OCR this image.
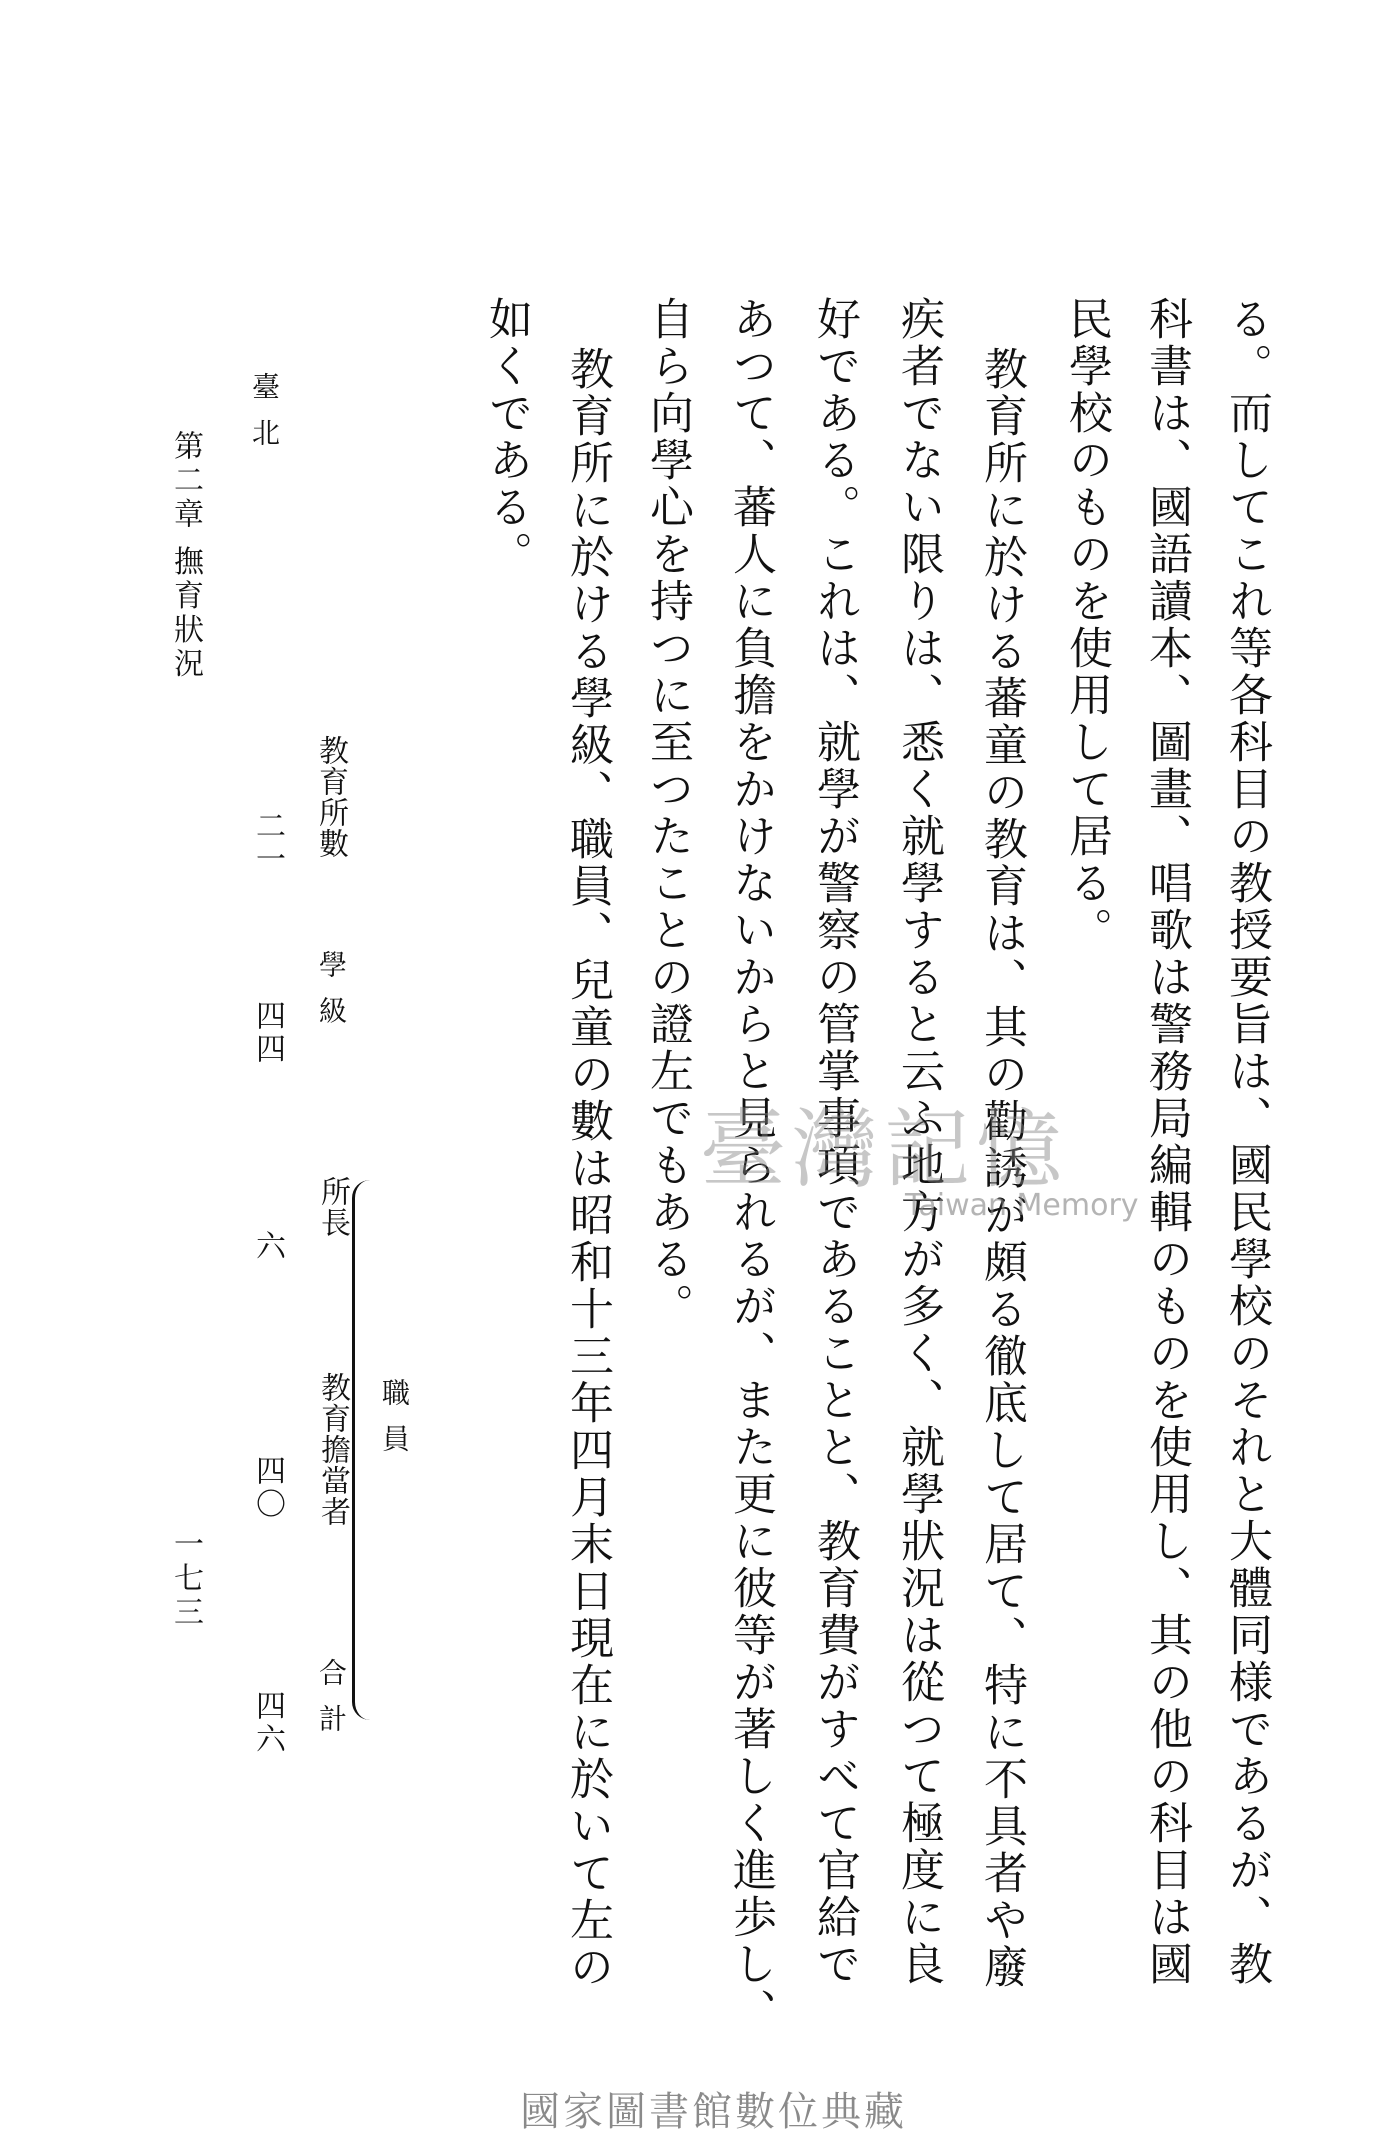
る。而してこれ等各科目の教授要旨は、國民學校のそれと大體同様であるが、教
科書は、國語讀本、圖畫、唱歌は警務局編輯のものを使用し、其の他の科目は國
民學校のものを使用して居る。
教育所に於ける蕃童の教育は、其の勸誘が頗る徹底して居て、特に不具者や廢
疾者でない限りは、悉く就學すると云ふ地方が多く、就學狀況は從つて極度に良
好である。これは、就學が警察の管掌事項であることと、教育費がすべて官給で
あつて、蕃人に負擔をかけないからと見られるが、また更に彼等が著しく進歩し、
自ら向學心を持つに至つたことの證左でもある。
教育所に於ける學級、職員、兒童の數は昭和十三年四月末日現在に於いて左の
如くである。
教育所數
學級
所長
教育擔當者
合計
職員
臺北
二一
四四
六
四〇
四六
第二章 撫育狀況
一七三
臺灣記憶
Taiwan Memory
國家圖書館數位典藏
